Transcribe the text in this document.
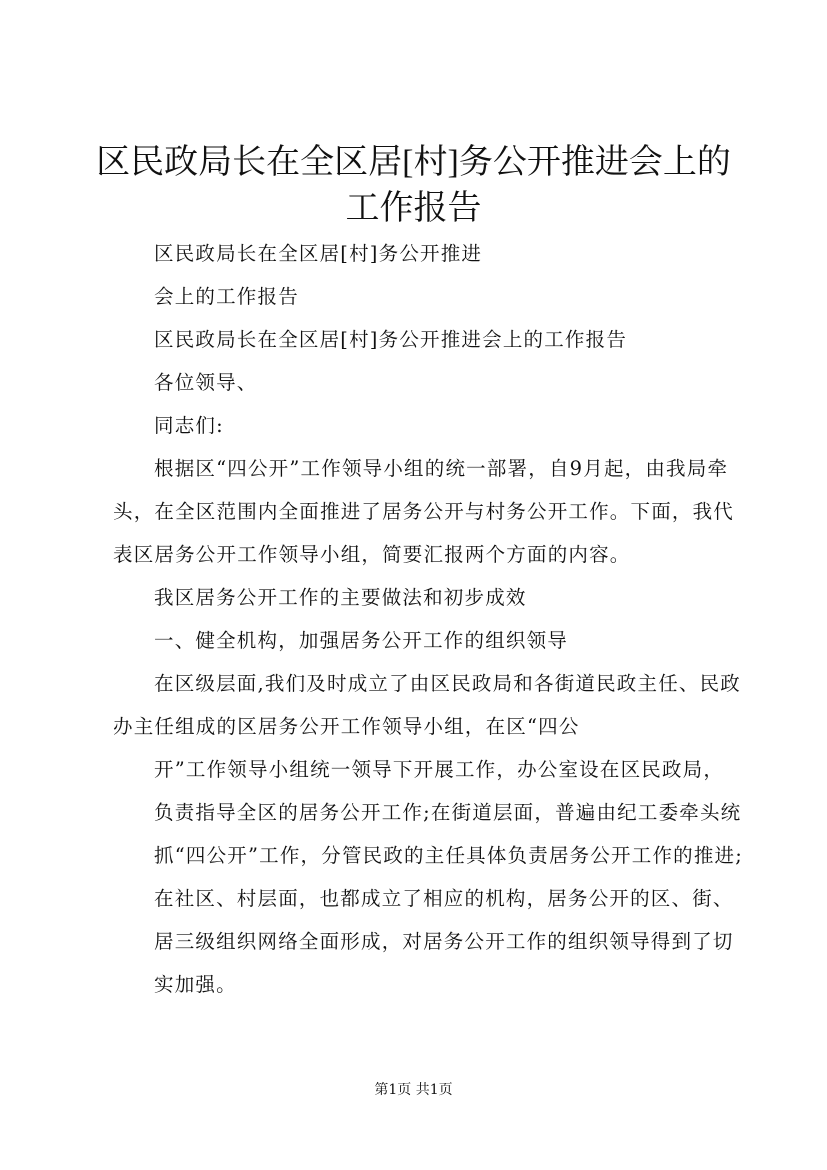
区民政局长在全区居[村]务公开推进会上的工作报告

区民政局长在全区居[村]务公开推进

会上的工作报告

区民政局长在全区居[村]务公开推进会上的工作报告

各位领导、

同志们:

根据区“四公开”工作领导小组的统一部署，自9月起，由我局牵头，在全区范围内全面推进了居务公开与村务公开工作。下面，我代表区居务公开工作领导小组，简要汇报两个方面的内容。

我区居务公开工作的主要做法和初步成效

一、健全机构，加强居务公开工作的组织领导

在区级层面,我们及时成立了由区民政局和各街道民政主任、民政办主任组成的区居务公开工作领导小组，在区“四公

开”工作领导小组统一领导下开展工作，办公室设在区民政局，负责指导全区的居务公开工作;在街道层面，普遍由纪工委牵头统抓“四公开”工作，分管民政的主任具体负责居务公开工作的推进;在社区、村层面，也都成立了相应的机构，居务公开的区、街、居三级组织网络全面形成，对居务公开工作的组织领导得到了切实加强。

第1页 共1页
